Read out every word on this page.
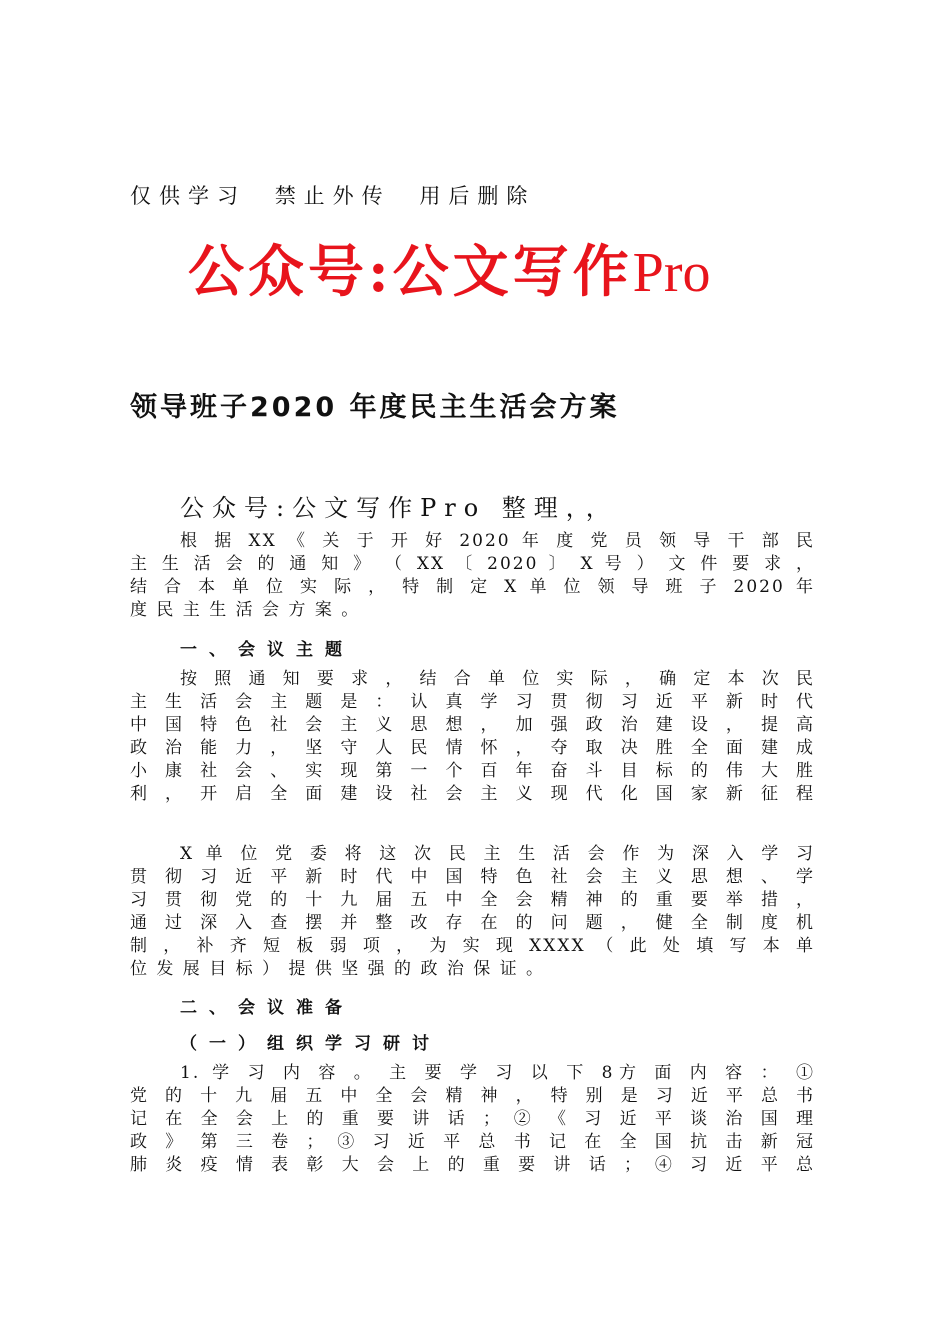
仅供学习 禁止外传 用后删除
公众号:公文写作Pro
领导班子2020 年度民主生活会方案
公众号:公文写作Pro 整理，，
根 据 XX 《 关 于 开 好 2020 年 度 党 员 领 导 干 部 民
主 生 活 会 的 通 知 》 （ XX 〔 2020 〕 X 号 ） 文 件 要 求 ，
结 合 本 单 位 实 际 ， 特 制 定 X 单 位 领 导 班 子 2020 年
度 民 主 生 活 会 方 案 。
一、会议主题
按 照 通 知 要 求 ， 结 合 单 位 实 际 ， 确 定 本 次 民
主 生 活 会 主 题 是 ： 认 真 学 习 贯 彻 习 近 平 新 时 代
中 国 特 色 社 会 主 义 思 想 ， 加 强 政 治 建 设 ， 提 高
政 治 能 力 ， 坚 守 人 民 情 怀 ， 夺 取 决 胜 全 面 建 成
小 康 社 会 、 实 现 第 一 个 百 年 奋 斗 目 标 的 伟 大 胜
利 ， 开 启 全 面 建 设 社 会 主 义 现 代 化 国 家 新 征 程
X 单 位 党 委 将 这 次 民 主 生 活 会 作 为 深 入 学 习
贯 彻 习 近 平 新 时 代 中 国 特 色 社 会 主 义 思 想 、 学
习 贯 彻 党 的 十 九 届 五 中 全 会 精 神 的 重 要 举 措 ，
通 过 深 入 查 摆 并 整 改 存 在 的 问 题 ， 健 全 制 度 机
制 ， 补 齐 短 板 弱 项 ， 为 实 现 XXXX （ 此 处 填 写 本 单
位 发 展 目 标 ） 提 供 坚 强 的 政 治 保 证 。
二、会议准备
（一）组织学习研讨
1. 学 习 内 容 。 主 要 学 习 以 下 8方 面 内 容 ： ①
党 的 十 九 届 五 中 全 会 精 神 ， 特 别 是 习 近 平 总 书
记 在 全 会 上 的 重 要 讲 话 ； ② 《 习 近 平 谈 治 国 理
政 》 第 三 卷 ； ③ 习 近 平 总 书 记 在 全 国 抗 击 新 冠
肺 炎 疫 情 表 彰 大 会 上 的 重 要 讲 话 ； ④ 习 近 平 总
